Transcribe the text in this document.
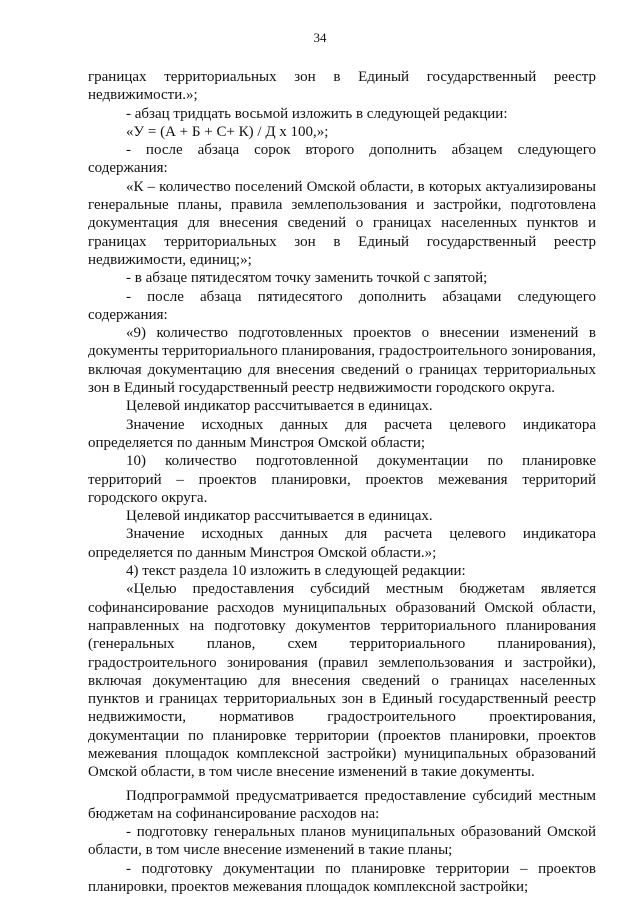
34

границах территориальных зон в Единый государственный реестр недвижимости.»;

- абзац тридцать восьмой изложить в следующей редакции:

«У = (А + Б + С+ К) / Д х 100,»;

- после абзаца сорок второго дополнить абзацем следующего содержания:

«К – количество поселений Омской области, в которых актуализированы генеральные планы, правила землепользования и застройки, подготовлена документация для внесения сведений о границах населенных пунктов и границах территориальных зон в Единый государственный реестр недвижимости, единиц;»;

- в абзаце пятидесятом точку заменить точкой с запятой;

- после абзаца пятидесятого дополнить абзацами следующего содержания:

«9) количество подготовленных проектов о внесении изменений в документы территориального планирования, градостроительного зонирования, включая документацию для внесения сведений о границах территориальных зон в Единый государственный реестр недвижимости городского округа.

Целевой индикатор рассчитывается в единицах.

Значение исходных данных для расчета целевого индикатора определяется по данным Минстроя Омской области;

10) количество подготовленной документации по планировке территорий – проектов планировки, проектов межевания территорий городского округа.

Целевой индикатор рассчитывается в единицах.

Значение исходных данных для расчета целевого индикатора определяется по данным Минстроя Омской области.»;

4) текст раздела 10 изложить в следующей редакции:

«Целью предоставления субсидий местным бюджетам является софинансирование расходов муниципальных образований Омской области, направленных на подготовку документов территориального планирования (генеральных планов, схем территориального планирования), градостроительного зонирования (правил землепользования и застройки), включая документацию для внесения сведений о границах населенных пунктов и границах территориальных зон в Единый государственный реестр недвижимости, нормативов градостроительного проектирования, документации по планировке территории (проектов планировки, проектов межевания площадок комплексной застройки) муниципальных образований Омской области, в том числе внесение изменений в такие документы.

Подпрограммой предусматривается предоставление субсидий местным бюджетам на софинансирование расходов на:

- подготовку генеральных планов муниципальных образований Омской области, в том числе внесение изменений в такие планы;

- подготовку документации по планировке территории – проектов планировки, проектов межевания площадок комплексной застройки;
